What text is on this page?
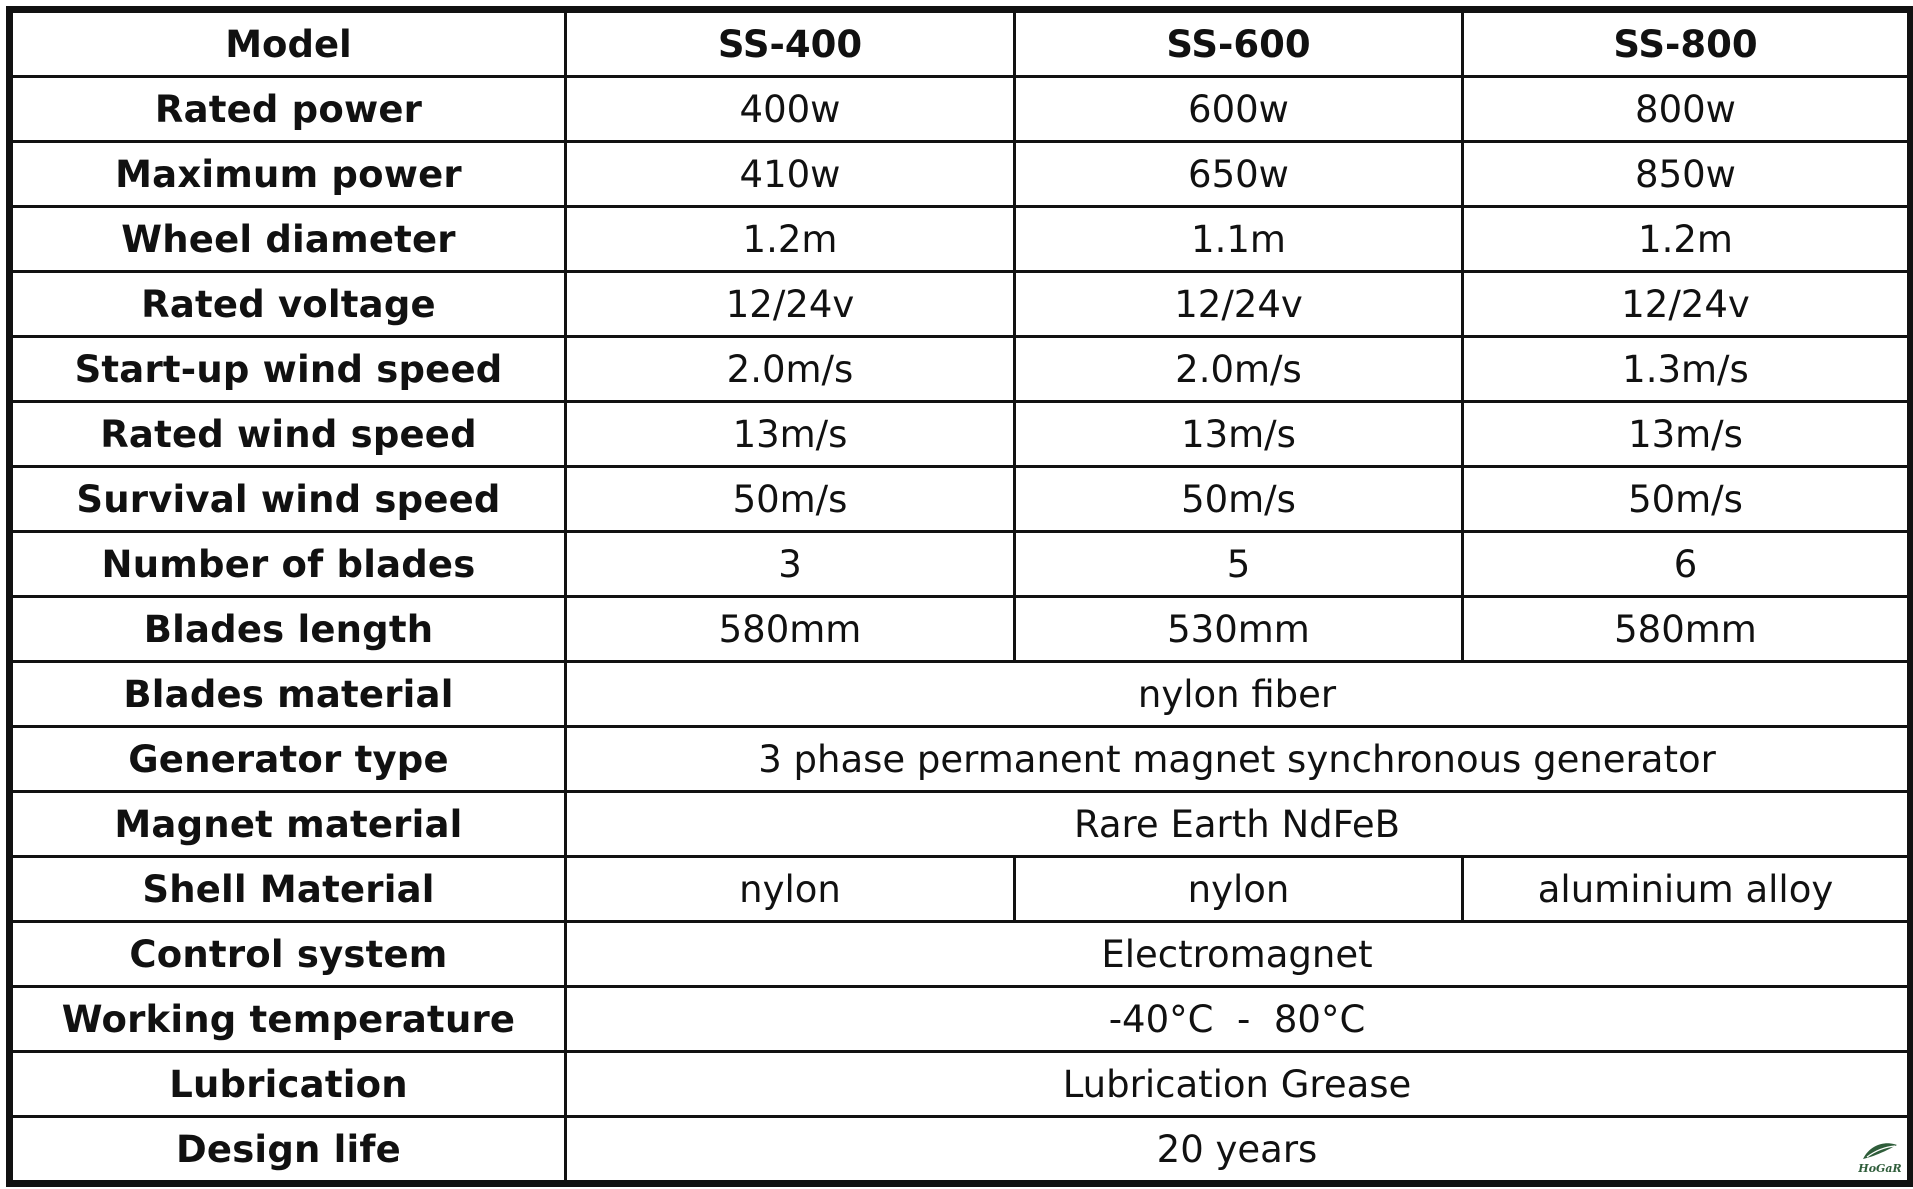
Model	SS-400	SS-600	SS-800
Rated power	400w	600w	800w
Maximum power	410w	650w	850w
Wheel diameter	1.2m	1.1m	1.2m
Rated voltage	12/24v	12/24v	12/24v
Start-up wind speed	2.0m/s	2.0m/s	1.3m/s
Rated wind speed	13m/s	13m/s	13m/s
Survival wind speed	50m/s	50m/s	50m/s
Number of blades	3	5	6
Blades length	580mm	530mm	580mm
Blades material	nylon fiber		
Generator type	3 phase permanent magnet synchronous generator		
Magnet material	Rare Earth NdFeB		
Shell Material	nylon	nylon	aluminium alloy
Control system	Electromagnet		
Working temperature	-40°C  -  80°C		
Lubrication	Lubrication Grease		
Design life	20 years			HoGaR
